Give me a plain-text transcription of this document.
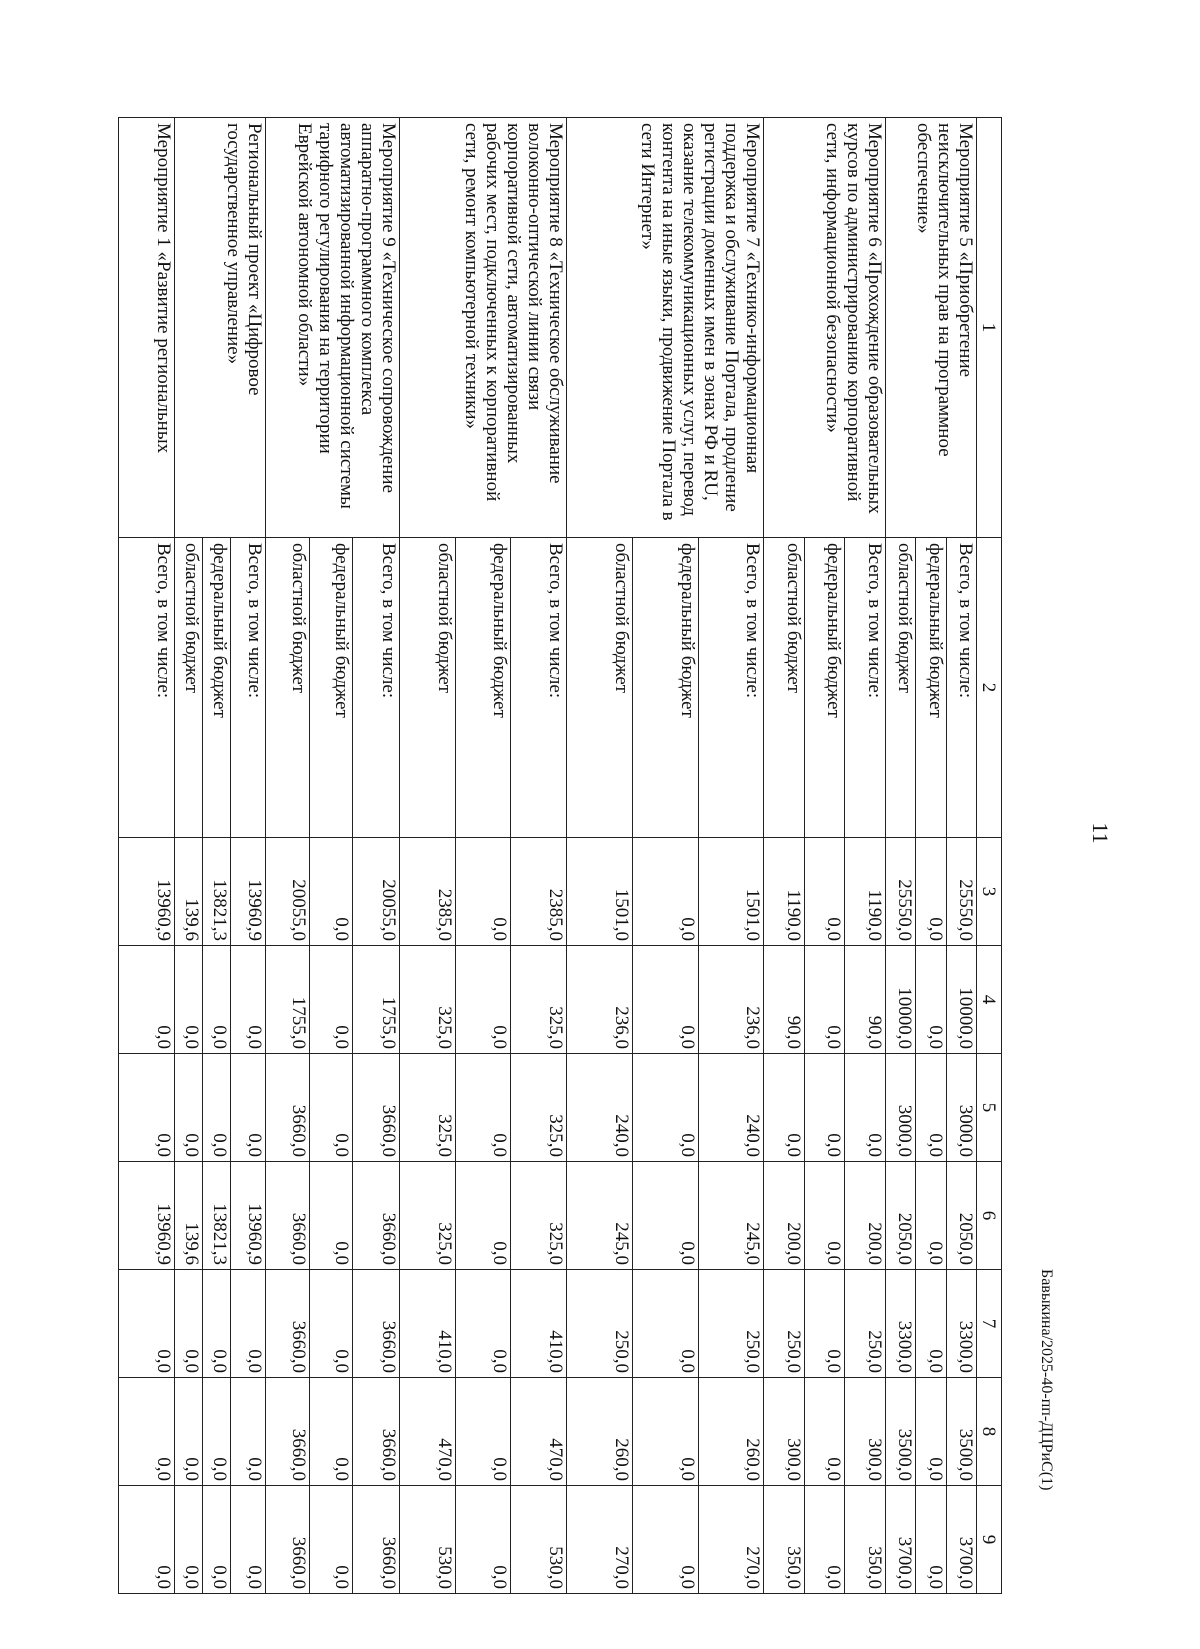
11
1	2	3	4	5	6	7	8	9
Мероприятие 5 «Приобретение неисключительных прав на программное обеспечение»	Всего, в том числе:	25550,0	10000,0	3000,0	2050,0	3300,0	3500,0	3700,0
	федеральный бюджет	0,0	0,0	0,0	0,0	0,0	0,0	0,0
	областной бюджет	25550,0	10000,0	3000,0	2050,0	3300,0	3500,0	3700,0
Мероприятие 6 «Прохождение образовательных курсов по администрированию корпоративной сети, информационной безопасности»	Всего, в том числе:	1190,0	90,0	0,0	200,0	250,0	300,0	350,0
	федеральный бюджет	0,0	0,0	0,0	0,0	0,0	0,0	0,0
	областной бюджет	1190,0	90,0	0,0	200,0	250,0	300,0	350,0
Мероприятие 7 «Технико-информационная поддержка и обслуживание Портала, продление регистрации доменных имен в зонах РФ и RU, оказание телекоммуникационных услуг, перевод контента на иные языки, продвижение Портала в сети Интернет»	Всего, в том числе:	1501,0	236,0	240,0	245,0	250,0	260,0	270,0
	федеральный бюджет	0,0	0,0	0,0	0,0	0,0	0,0	0,0
	областной бюджет	1501,0	236,0	240,0	245,0	250,0	260,0	270,0
Мероприятие 8 «Техническое обслуживание волоконно-оптической линии связи корпоративной сети, автоматизированных рабочих мест, подключенных к корпоративной сети, ремонт компьютерной техники»	Всего, в том числе:	2385,0	325,0	325,0	325,0	410,0	470,0	530,0
	федеральный бюджет	0,0	0,0	0,0	0,0	0,0	0,0	0,0
	областной бюджет	2385,0	325,0	325,0	325,0	410,0	470,0	530,0
Мероприятие 9 «Техническое сопровождение аппаратно-программного комплекса автоматизированной информационной системы тарифного регулирования на территории Еврейской автономной области»	Всего, в том числе:	20055,0	1755,0	3660,0	3660,0	3660,0	3660,0	3660,0
	федеральный бюджет	0,0	0,0	0,0	0,0	0,0	0,0	0,0
	областной бюджет	20055,0	1755,0	3660,0	3660,0	3660,0	3660,0	3660,0
Региональный проект «Цифровое государственное управление»	Всего, в том числе:	13960,9	0,0	0,0	13960,9	0,0	0,0	0,0
	федеральный бюджет	13821,3	0,0	0,0	13821,3	0,0	0,0	0,0
	областной бюджет	139,6	0,0	0,0	139,6	0,0	0,0	0,0
Мероприятие 1 «Развитие региональных	Всего, в том числе:	13960,9	0,0	0,0	13960,9	0,0	0,0	0,0
Бавыкина/2025-40-пп-ДЦРиС(1)
